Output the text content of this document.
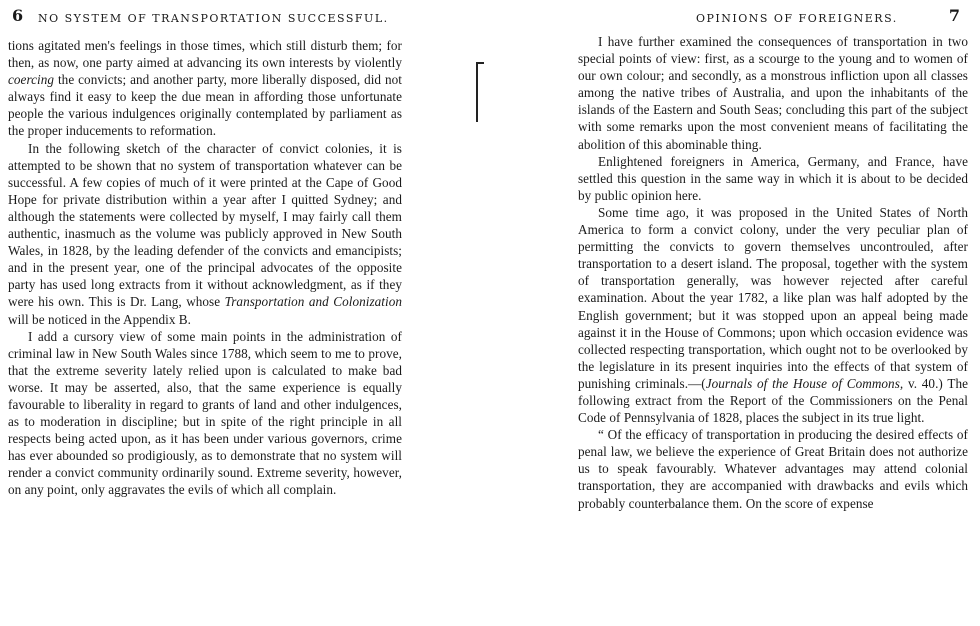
6 NO SYSTEM OF TRANSPORTATION SUCCESSFUL.

tions agitated men's feelings in those times, which still disturb them; for then, as now, one party aimed at advancing its own interests by violently coercing the convicts; and another party, more liberally disposed, did not always find it easy to keep the due mean in affording those unfortunate people the various indulgences originally contemplated by parliament as the proper inducements to reformation.

In the following sketch of the character of convict colonies, it is attempted to be shown that no system of transportation whatever can be successful. A few copies of much of it were printed at the Cape of Good Hope for private distribution within a year after I quitted Sydney; and although the statements were collected by myself, I may fairly call them authentic, inasmuch as the volume was publicly approved in New South Wales, in 1828, by the leading defender of the convicts and emancipists; and in the present year, one of the principal advocates of the opposite party has used long extracts from it without acknowledgment, as if they were his own. This is Dr. Lang, whose Transportation and Colonization will be noticed in the Appendix B.

I add a cursory view of some main points in the administration of criminal law in New South Wales since 1788, which seem to me to prove, that the extreme severity lately relied upon is calculated to make bad worse. It may be asserted, also, that the same experience is equally favourable to liberality in regard to grants of land and other indulgences, as to moderation in discipline; but in spite of the right principle in all respects being acted upon, as it has been under various governors, crime has ever abounded so prodigiously, as to demonstrate that no system will render a convict community ordinarily sound. Extreme severity, however, on any point, only aggravates the evils of which all complain.

OPINIONS OF FOREIGNERS.	7

I have further examined the consequences of transportation in two special points of view: first, as a scourge to the young and to women of our own colour; and secondly, as a monstrous infliction upon all classes among the native tribes of Australia, and upon the inhabitants of the islands of the Eastern and South Seas; concluding this part of the subject with some remarks upon the most convenient means of facilitating the abolition of this abominable thing.

Enlightened foreigners in America, Germany, and France, have settled this question in the same way in which it is about to be decided by public opinion here.

Some time ago, it was proposed in the United States of North America to form a convict colony, under the very peculiar plan of permitting the convicts to govern themselves uncontrouled, after transportation to a desert island. The proposal, together with the system of transportation generally, was however rejected after careful examination. About the year 1782, a like plan was half adopted by the English government; but it was stopped upon an appeal being made against it in the House of Commons; upon which occasion evidence was collected respecting transportation, which ought not to be overlooked by the legislature in its present inquiries into the effects of that system of punishing criminals.—(Journals of the House of Commons, v. 40.) The following extract from the Report of the Commissioners on the Penal Code of Pennsylvania of 1828, places the subject in its true light.

“ Of the efficacy of transportation in producing the desired effects of penal law, we believe the experience of Great Britain does not authorize us to speak favourably. Whatever advantages may attend colonial transportation, they are accompanied with drawbacks and evils which probably counterbalance them. On the score of expense
